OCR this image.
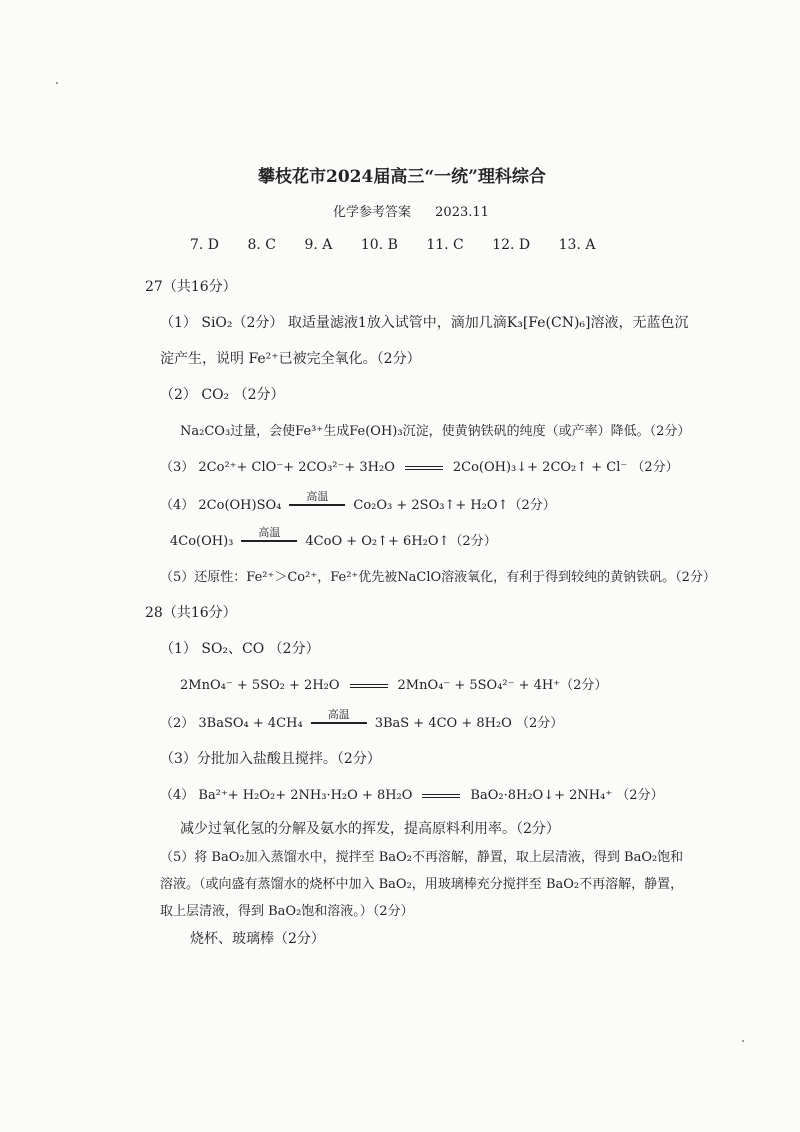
攀枝花市2024届高三“一统”理科综合
化学参考答案 2023.11
7. D 8. C 9. A 10. B 11. C 12. D 13. A
27（共16分）
（1） SiO₂（2分） 取适量滤液1放入试管中，滴加几滴K₃[Fe(CN)₆]溶液，无蓝色沉
淀产生，说明 Fe²⁺已被完全氧化。（2分）
（2） CO₂ （2分）
Na₂CO₃过量，会使Fe³⁺生成Fe(OH)₃沉淀，使黄钠铁矾的纯度（或产率）降低。（2分）
（3） 2Co²⁺+ ClO⁻+ 2CO₃²⁻+ 3H₂O	2Co(OH)₃↓+ 2CO₂↑ + Cl⁻ （2分）
（4） 2Co(OH)SO₄
高温
Co₂O₃ + 2SO₃↑+ H₂O↑（2分）
4Co(OH)₃
高温
4CoO + O₂↑+ 6H₂O↑（2分）
（5）还原性：Fe²⁺＞Co²⁺，Fe²⁺优先被NaClO溶液氧化，有利于得到较纯的黄钠铁矾。（2分）
28（共16分）
（1） SO₂、CO （2分）
2MnO₄⁻ + 5SO₂ + 2H₂O	2MnO₄⁻ + 5SO₄²⁻ + 4H⁺（2分）
（2） 3BaSO₄ + 4CH₄
高温
3BaS + 4CO + 8H₂O （2分）
（3）分批加入盐酸且搅拌。（2分）
（4） Ba²⁺+ H₂O₂+ 2NH₃·H₂O + 8H₂O	BaO₂·8H₂O↓+ 2NH₄⁺ （2分）
减少过氧化氢的分解及氨水的挥发，提高原料利用率。（2分）
（5）将 BaO₂加入蒸馏水中，搅拌至 BaO₂不再溶解，静置，取上层清液，得到 BaO₂饱和
溶液。（或向盛有蒸馏水的烧杯中加入 BaO₂，用玻璃棒充分搅拌至 BaO₂不再溶解，静置，
取上层清液，得到 BaO₂饱和溶液。）（2分）
烧杯、玻璃棒（2分）
